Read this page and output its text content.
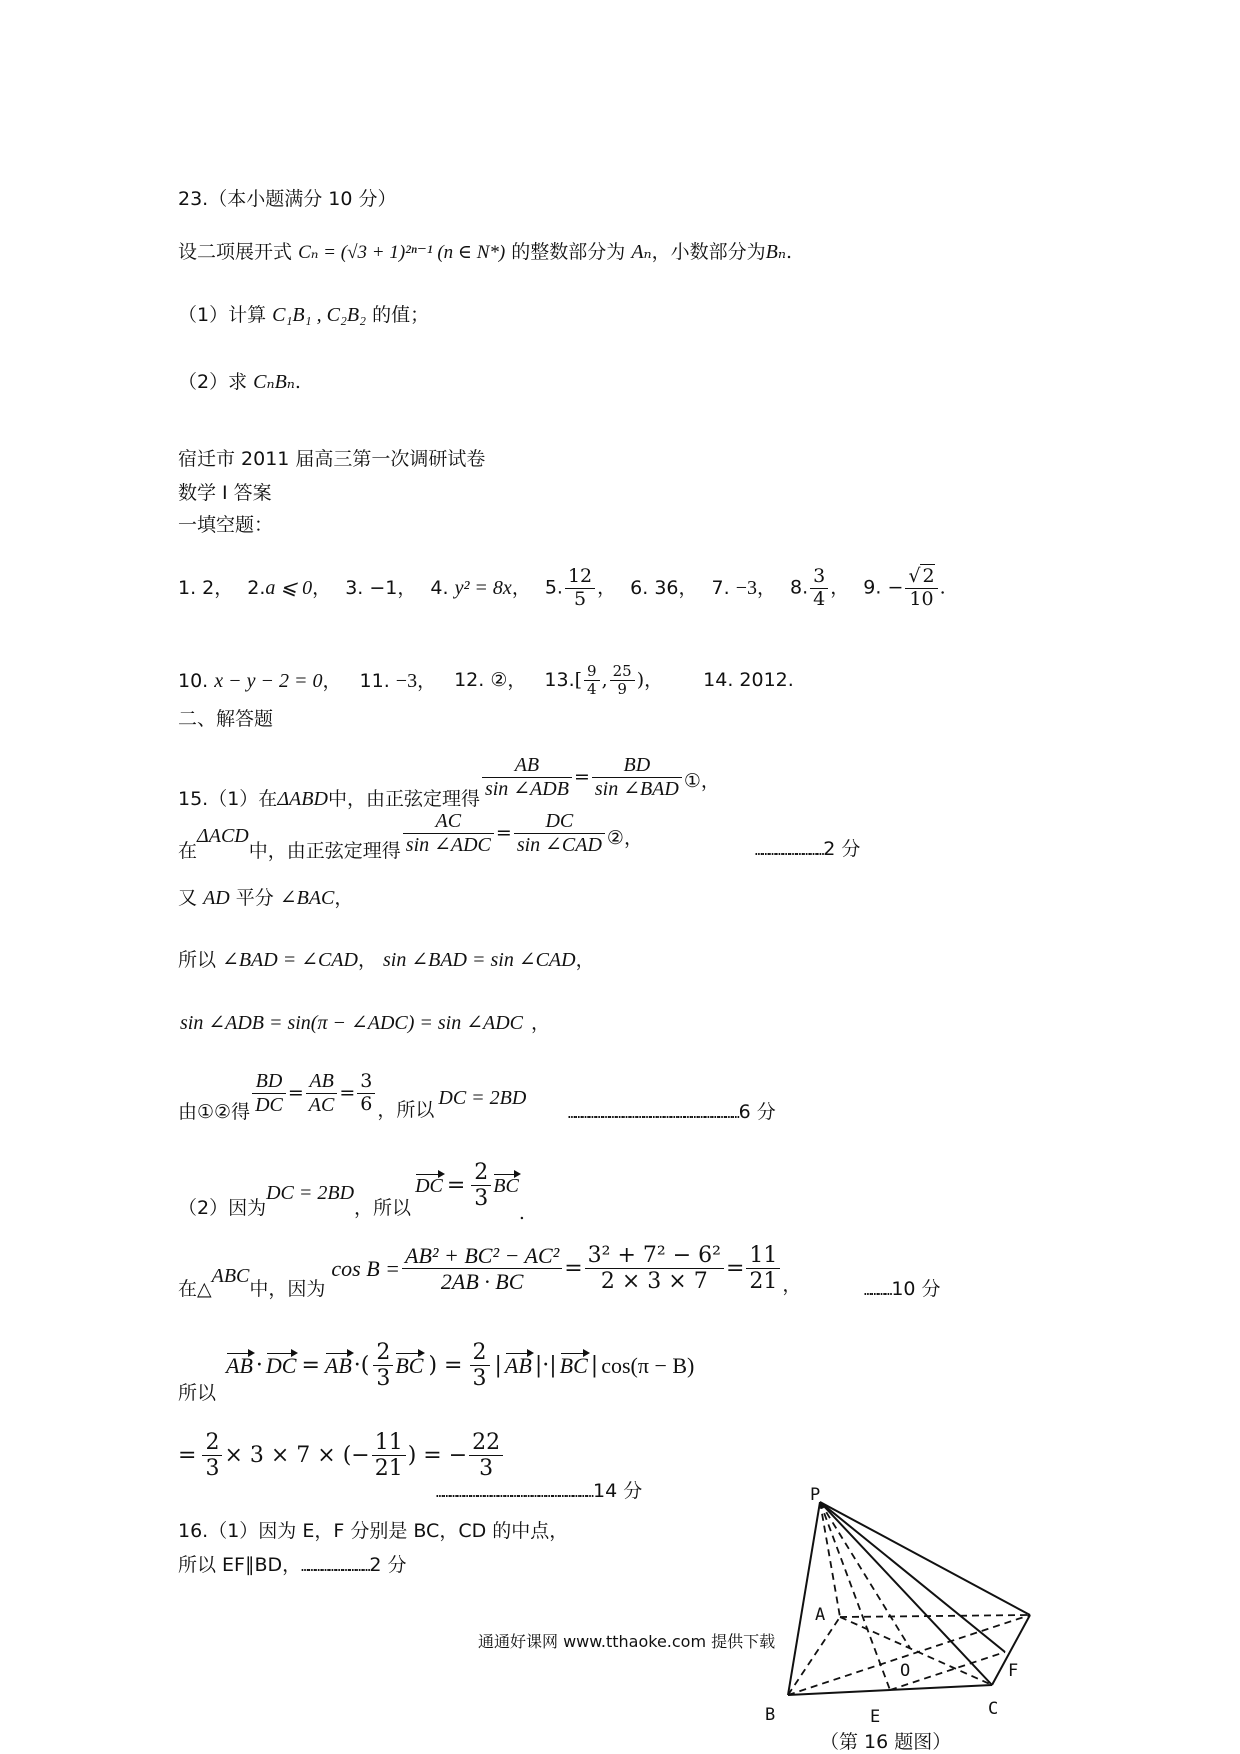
23.（本小题满分 10 分）
设二项展开式 Cₙ = (√3 + 1)²ⁿ⁻¹ (n ∈ N*) 的整数部分为 Aₙ，小数部分为Bₙ.
（1）计算 C₁B₁ , C₂B₂ 的值；
（2）求 CₙBₙ.
宿迁市 2011 届高三第一次调研试卷
数学 I 答案
一填空题：
1. 2， 2.a ⩽ 0， 3. −1， 4. y² = 8x， 5. $\frac{12}{5}$ ， 6. 36， 7. −3， 8. $\frac{3}{4}$ ， 9. − $\frac{√ 2}{10}$ .
10. x − y − 2 = 0， 11. −3， 12. ②， $13.[ \frac{9}{4}$ , $\frac{25}{9}$ )， 14. 2012.
二、解答题
15.（1）在 ΔABD 中，由正弦定理得 $\frac{AB}{\text{sin ∠ADB}} = \frac{BD}{\text{sin ∠BAD}}$ ①，
在
ΔACD
中，由正弦定理得 $\frac{AC}{\text{sin ∠ADC}} = \frac{DC}{\text{sin ∠CAD}}$ ②，
…………………………2 分
又 AD 平分 ∠BAC，
所以 ∠BAD = ∠CAD， sin ∠BAD = sin ∠CAD，
sin ∠ADB = sin(π − ∠ADC) = sin ∠ADC ，
由①②得 $\frac{BD}{DC} = \frac{AB}{AC} = \frac{3}{6}$ ，所以
DC = 2BD
…………………………………………………………………6 分
（2）因为
DC = 2BD
，所以
DC = $\frac{2}{3}$ BC
.
在△
ABC
中，因为
$\cos B = \frac{\text{AB² + BC² − AC²}}{2AB \cdot BC} = \frac{\text{3² + 7² − 6²}}{2 \times 3 \times 7} = \frac{11}{21}$ ，	…………10 分
所以
AB · DC = AB ·( $\frac{2}{3}$ BC ) = $\frac{2}{3}$ | AB |·| BC | cos(π − B)
= $\frac{2}{3} \times 3 \times 7$ × (− $\frac{11}{21}$ ) = − $\frac{22}{3}$
……………………………………………………………14 分
16.（1）因为 E，F 分别是 BC，CD 的中点，
所以 EF∥BD，…………………………2 分
P
A
B	C
E
F
O
（第 16 题图）
通通好课网 www.tthaoke.com 提供下载
